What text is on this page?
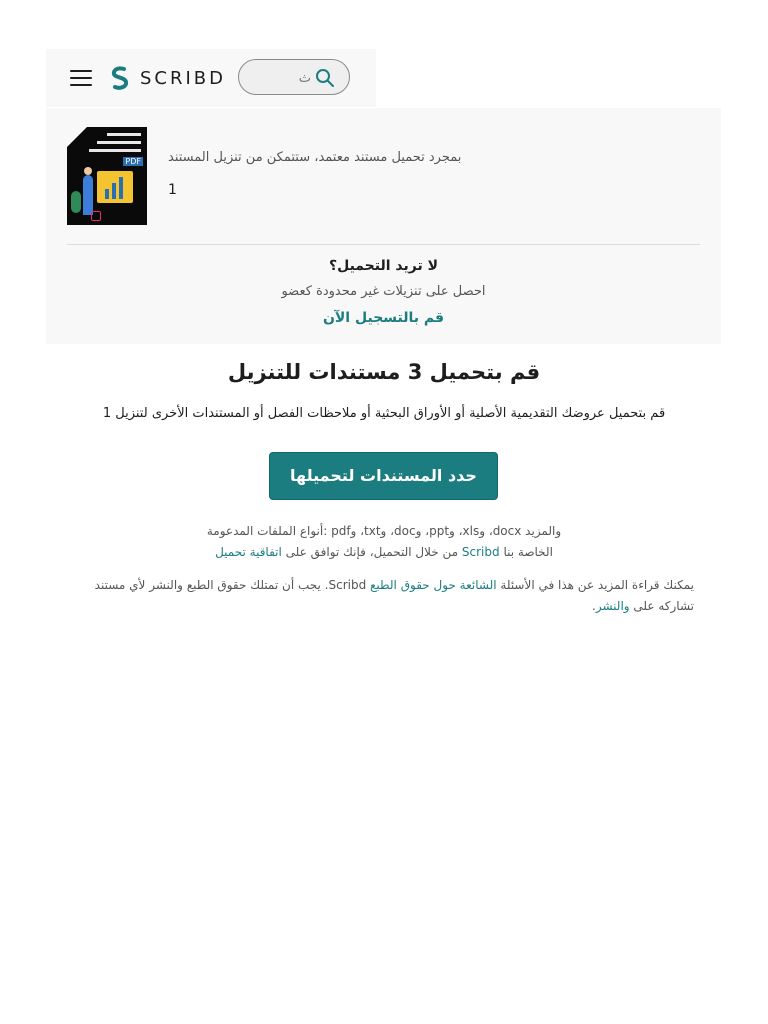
SCRIBD
ث
PDF بمجرد تحميل مستند معتمد، ستتمكن من تنزيل المستند
1
لا تريد التحميل؟
احصل على تنزيلات غير محدودة كعضو
قم بالتسجيل الآن
قم بتحميل 3 مستندات للتنزيل
قم بتحميل عروضك التقديمية الأصلية أو الأوراق البحثية أو ملاحظات الفصل أو المستندات الأخرى لتنزيل 1
حدد المستندات لتحميلها
والمزيد docx، وxls، وppt، وdoc، وtxt، وpdf :أنواع الملفات المدعومة
الخاصة بنا Scribd من خلال التحميل، فإنك توافق على اتفاقية تحميل
يمكنك قراءة المزيد عن هذا في الأسئلة الشائعة حول حقوق الطبع Scribd. يجب أن تمتلك حقوق الطبع والنشر لأي مستند تشاركه على والنشر.
